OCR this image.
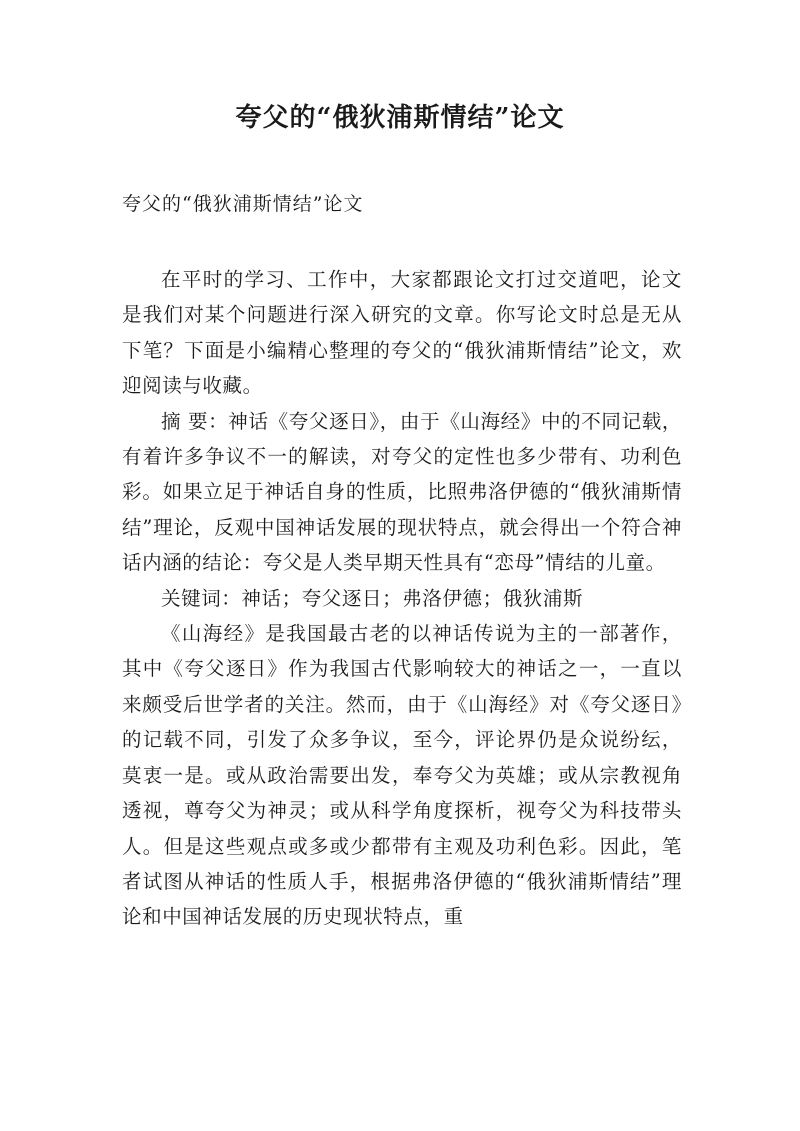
夸父的“俄狄浦斯情结”论文
夸父的“俄狄浦斯情结”论文

在平时的学习、工作中，大家都跟论文打过交道吧，论文是我们对某个问题进行深入研究的文章。你写论文时总是无从下笔？下面是小编精心整理的夸父的“俄狄浦斯情结”论文，欢迎阅读与收藏。

摘 要：神话《夸父逐日》，由于《山海经》中的不同记载，有着许多争议不一的解读，对夸父的定性也多少带有、功利色彩。如果立足于神话自身的性质，比照弗洛伊德的“俄狄浦斯情结”理论，反观中国神话发展的现状特点，就会得出一个符合神话内涵的结论：夸父是人类早期天性具有“恋母”情结的儿童。

关键词：神话；夸父逐日；弗洛伊德；俄狄浦斯

《山海经》是我国最古老的以神话传说为主的一部著作，其中《夸父逐日》作为我国古代影响较大的神话之一，一直以来颇受后世学者的关注。然而，由于《山海经》对《夸父逐日》的记载不同，引发了众多争议，至今，评论界仍是众说纷纭，莫衷一是。或从政治需要出发，奉夸父为英雄；或从宗教视角透视，尊夸父为神灵；或从科学角度探析，视夸父为科技带头人。但是这些观点或多或少都带有主观及功利色彩。因此，笔者试图从神话的性质人手，根据弗洛伊德的“俄狄浦斯情结”理论和中国神话发展的历史现状特点，重
